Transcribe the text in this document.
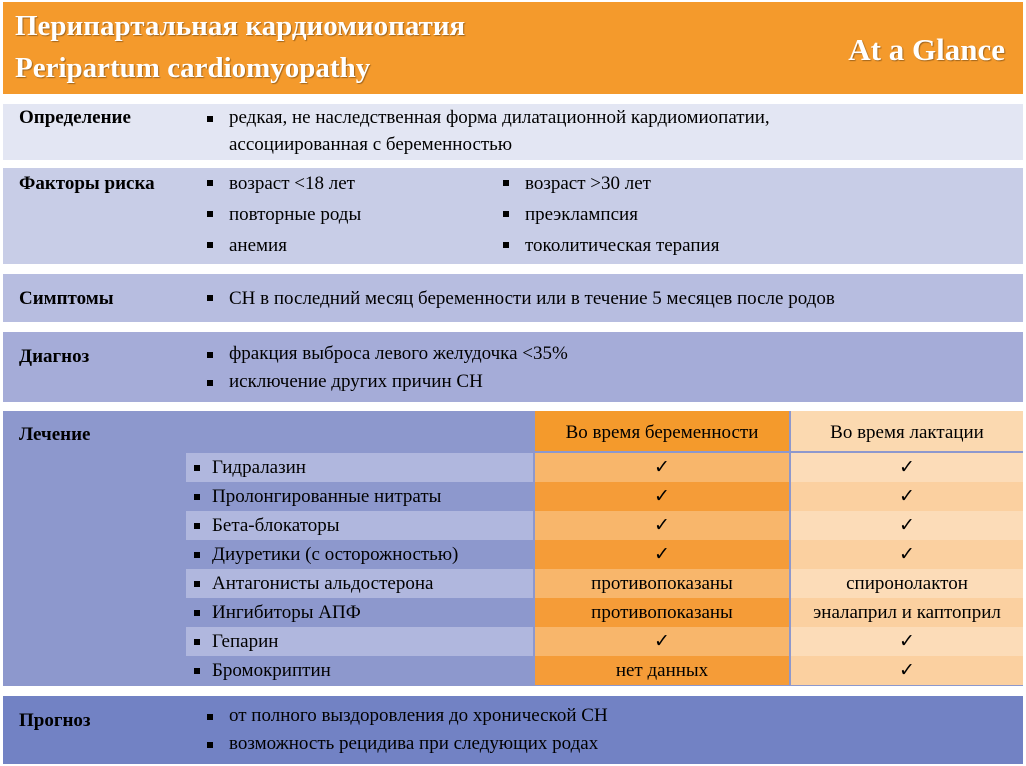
Перипартальная кардиомиопатия
Peripartum cardiomyopathy
At a Glance
Определение	редкая, не наследственная форма дилатационной кардиомиопатии,
ассоциированная с беременностью
Факторы риска	возраст <18 лет
повторные роды
анемия
возраст >30 лет
преэклампсия
токолитическая терапия
Симптомы	СН в последний месяц беременности или в течение 5 месяцев после родов
Диагноз	фракция выброса левого желудочка <35%
исключение других причин СН
Лечение	Во время беременности	Во время лактации
Гидралазин	✓	✓
Пролонгированные нитраты	✓	✓
Бета-блокаторы	✓	✓
Диуретики (с осторожностью)	✓	✓
Антагонисты альдостерона	противопоказаны	спиронолактон
Ингибиторы АПФ	противопоказаны	эналаприл и каптоприл
Гепарин	✓	✓
Бромокриптин	нет данных	✓
Прогноз	от полного выздоровления до хронической СН
возможность рецидива при следующих родах
